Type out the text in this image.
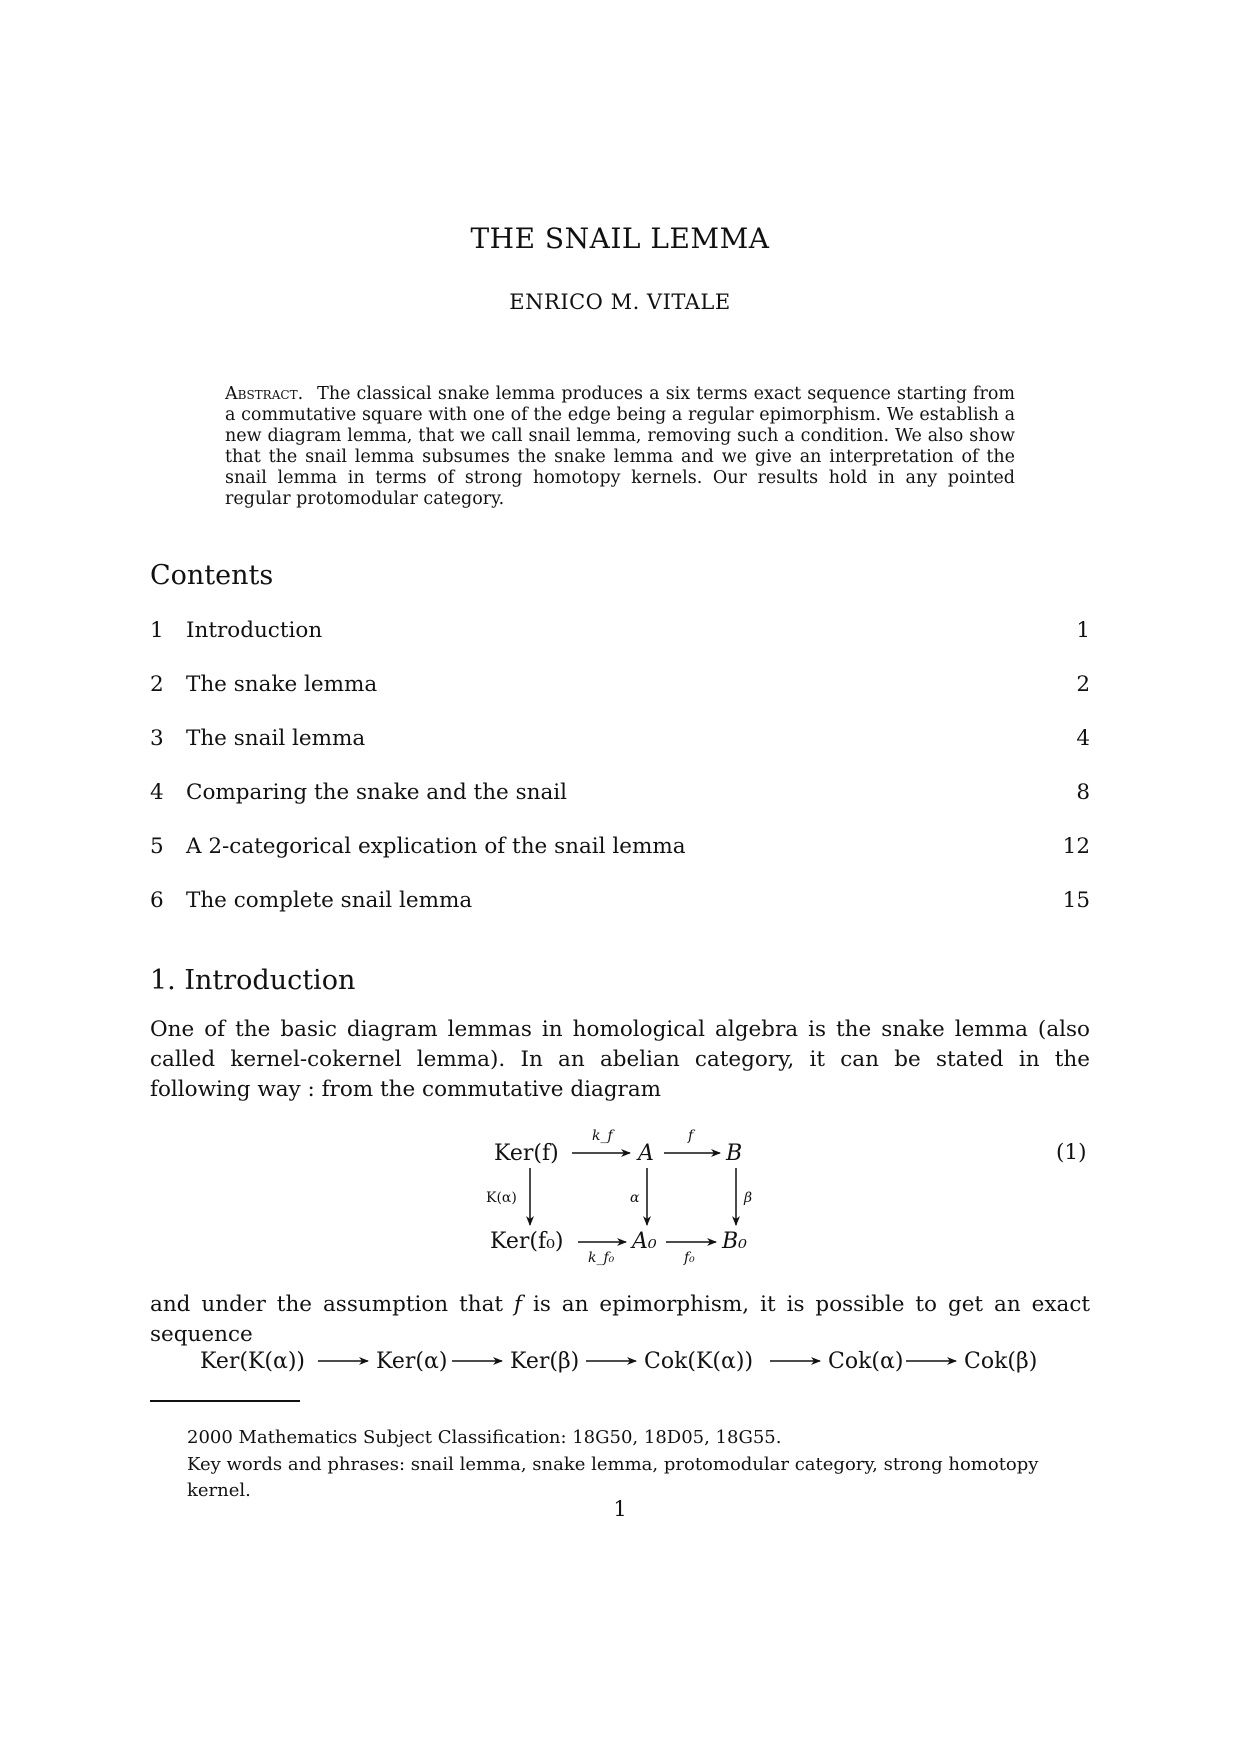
THE SNAIL LEMMA
ENRICO M. VITALE
Abstract. The classical snake lemma produces a six terms exact sequence starting from a commutative square with one of the edge being a regular epimorphism. We establish a new diagram lemma, that we call snail lemma, removing such a condition. We also show that the snail lemma subsumes the snake lemma and we give an interpretation of the snail lemma in terms of strong homotopy kernels. Our results hold in any pointed regular protomodular category.
Contents
1 Introduction	1
2 The snake lemma	2
3 The snail lemma	4
4 Comparing the snake and the snail	8
5 A 2-categorical explication of the snail lemma	12
6 The complete snail lemma	15
1. Introduction
One of the basic diagram lemmas in homological algebra is the snake lemma (also called kernel-cokernel lemma). In an abelian category, it can be stated in the following way : from the commutative diagram
Ker(f)	A	B
Ker(f₀)	A₀	B₀
k_f	f
K(α)	α	β
k_f₀	f₀
(1)
and under the assumption that f is an epimorphism, it is possible to get an exact sequence
Ker(K(α))	Ker(α)	Ker(β)	Cok(K(α))	Cok(α)	Cok(β)
2000 Mathematics Subject Classification: 18G50, 18D05, 18G55.
Key words and phrases: snail lemma, snake lemma, protomodular category, strong homotopy kernel.
1
